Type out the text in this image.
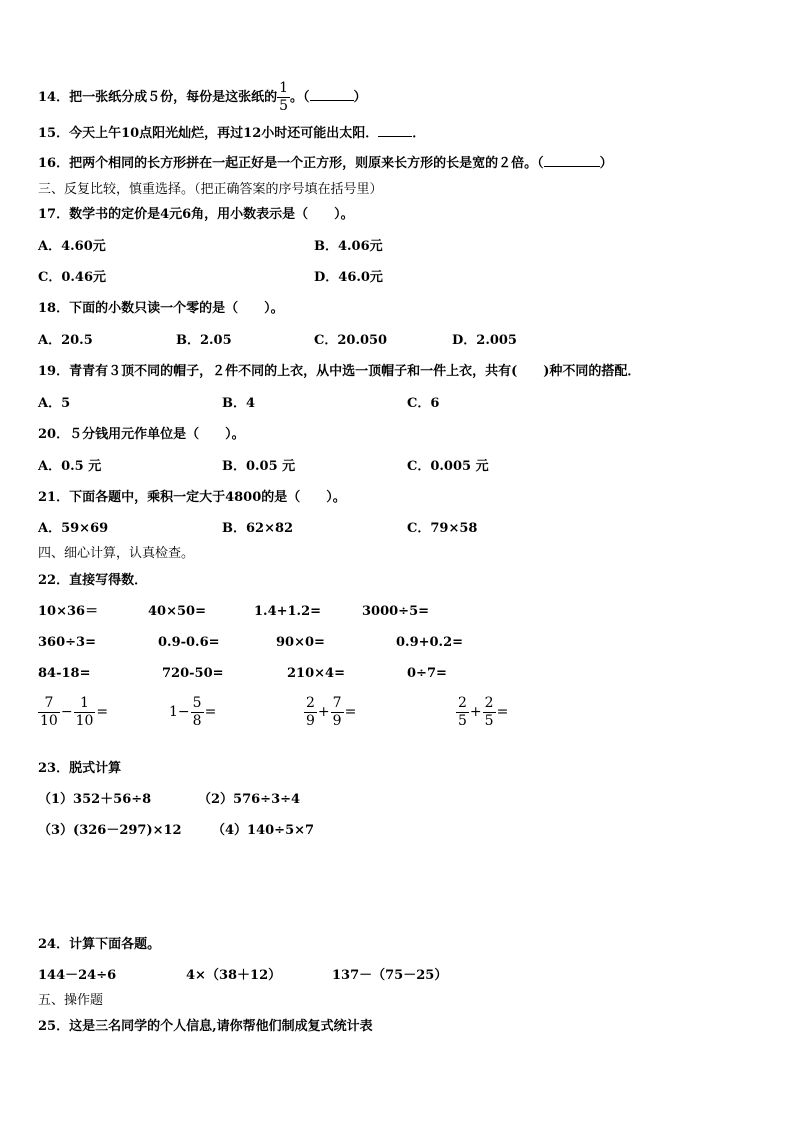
14．把一张纸分成５份，每份是这张纸的 $\frac{1}{5}$ 。（	）
15．今天上午10点阳光灿烂，再过12小时还可能出太阳．	．
16．把两个相同的长方形拼在一起正好是一个正方形，则原来长方形的长是宽的２倍。（	）
三、反复比较，慎重选择。（把正确答案的序号填在括号里）
17．数学书的定价是4元6角，用小数表示是（　　）。
A．4.60元	B．4.06元
C．0.46元	D．46.0元
18．下面的小数只读一个零的是（　　）。
A．20.5	B．2.05	C．20.050	D．2.005
19．青青有３顶不同的帽子，２件不同的上衣，从中选一顶帽子和一件上衣，共有(　　)种不同的搭配．
A．5	B．4	C．6
20．５分钱用元作单位是（　　）。
A．0.5 元	B．0.05 元	C．0.005 元
21．下面各题中，乘积一定大于4800的是（　　）。
A．59×69	B．62×82	C．79×58
四、细心计算，认真检查。
22．直接写得数．
10×36＝	40×50=	1.4+1.2=	3000÷5=
360÷3=	0.9-0.6=	90×0=	0.9+0.2=
84-18=	720-50=	210×4=	0÷7=
$\frac{7}{10} - \frac{1}{10}$ =	$1- \frac{5}{8}$ =	$\frac{2}{9} + \frac{7}{9}$ =	$\frac{2}{5} + \frac{2}{5}$ =
23．脱式计算
（1）352＋56÷8	（2）576÷3÷4
（3）(326－297)×12 （4）140÷5×7
24．计算下面各题。
144－24÷6	4×（38＋12）	137－（75－25）
五、操作题
25．这是三名同学的个人信息,请你帮他们制成复式统计表
